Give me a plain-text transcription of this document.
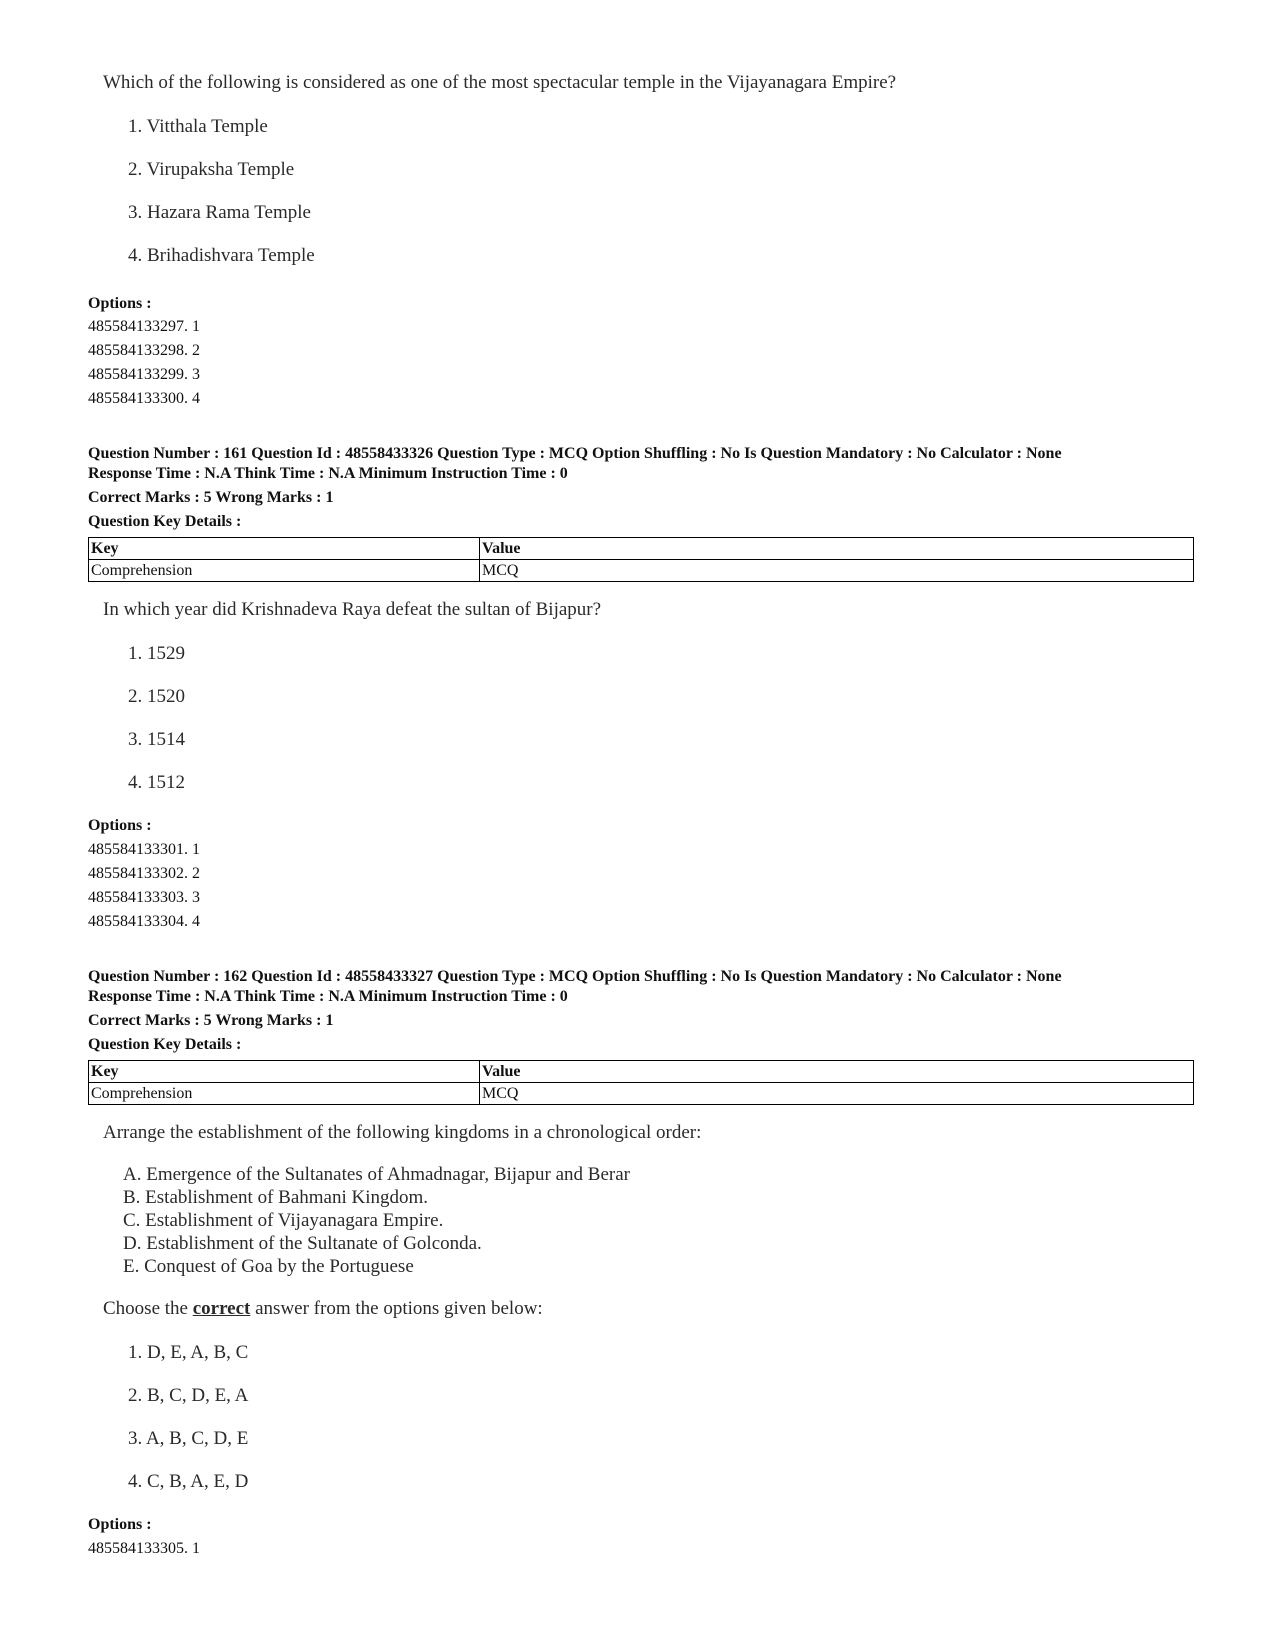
Which of the following is considered as one of the most spectacular temple in the Vijayanagara Empire?
1. Vitthala Temple
2. Virupaksha Temple
3. Hazara Rama Temple
4. Brihadishvara Temple
Options :
485584133297. 1
485584133298. 2
485584133299. 3
485584133300. 4
Question Number : 161 Question Id : 48558433326 Question Type : MCQ Option Shuffling : No Is Question Mandatory : No Calculator : None
Response Time : N.A Think Time : N.A Minimum Instruction Time : 0
Correct Marks : 5 Wrong Marks : 1
Question Key Details :
Key	Value
Comprehension	MCQ
In which year did Krishnadeva Raya defeat the sultan of Bijapur?
1. 1529
2. 1520
3. 1514
4. 1512
Options :
485584133301. 1
485584133302. 2
485584133303. 3
485584133304. 4
Question Number : 162 Question Id : 48558433327 Question Type : MCQ Option Shuffling : No Is Question Mandatory : No Calculator : None
Response Time : N.A Think Time : N.A Minimum Instruction Time : 0
Correct Marks : 5 Wrong Marks : 1
Question Key Details :
Key	Value
Comprehension	MCQ
Arrange the establishment of the following kingdoms in a chronological order:
A. Emergence of the Sultanates of Ahmadnagar, Bijapur and Berar
B. Establishment of Bahmani Kingdom.
C. Establishment of Vijayanagara Empire.
D. Establishment of the Sultanate of Golconda.
E. Conquest of Goa by the Portuguese
Choose the correct answer from the options given below:
1. D, E, A, B, C
2. B, C, D, E, A
3. A, B, C, D, E
4. C, B, A, E, D
Options :
485584133305. 1
